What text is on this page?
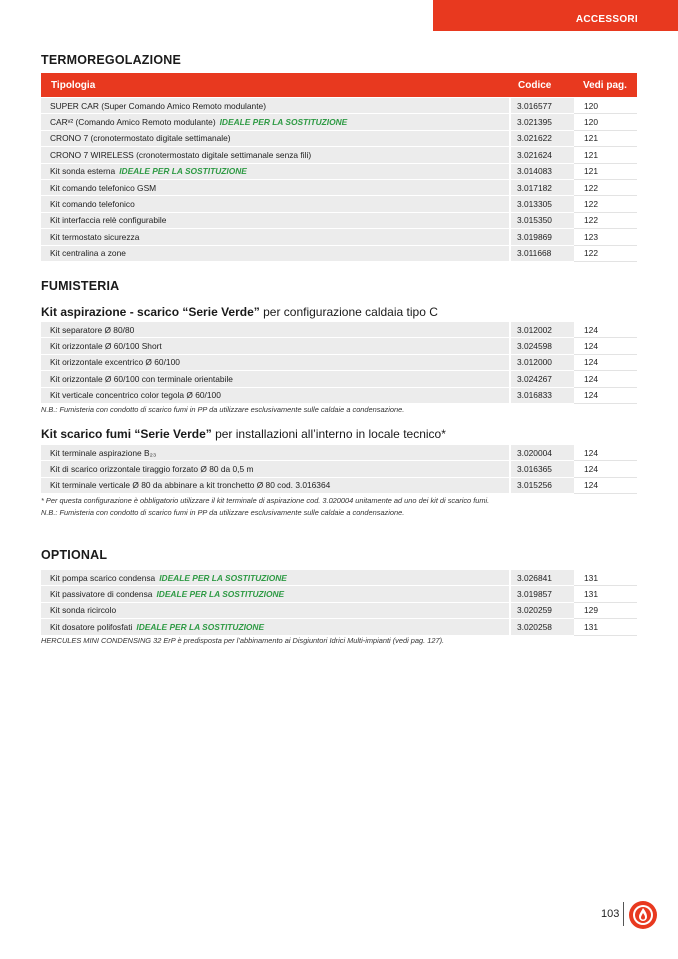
ACCESSORI
TERMOREGOLAZIONE
Tipologia	Codice	Vedi pag.
SUPER CAR (Super Comando Amico Remoto modulante)	3.016577	120
CARᵛ² (Comando Amico Remoto modulante) IDEALE PER LA SOSTITUZIONE	3.021395	120
CRONO 7 (cronotermostato digitale settimanale)	3.021622	121
CRONO 7 WIRELESS (cronotermostato digitale settimanale senza fili)	3.021624	121
Kit sonda esterna IDEALE PER LA SOSTITUZIONE	3.014083	121
Kit comando telefonico GSM	3.017182	122
Kit comando telefonico	3.013305	122
Kit interfaccia relè configurabile	3.015350	122
Kit termostato sicurezza	3.019869	123
Kit centralina a zone	3.011668	122
FUMISTERIA
Kit aspirazione - scarico “Serie Verde” per configurazione caldaia tipo C
Kit separatore Ø 80/80	3.012002	124
Kit orizzontale Ø 60/100 Short	3.024598	124
Kit orizzontale excentrico Ø 60/100	3.012000	124
Kit orizzontale Ø 60/100 con terminale orientabile	3.024267	124
Kit verticale concentrico color tegola Ø 60/100	3.016833	124
N.B.: Fumisteria con condotto di scarico fumi in PP da utilizzare esclusivamente sulle caldaie a condensazione.
Kit scarico fumi “Serie Verde” per installazioni all’interno in locale tecnico*
Kit terminale aspirazione B₂₃	3.020004	124
Kit di scarico orizzontale tiraggio forzato Ø 80 da 0,5 m	3.016365	124
Kit terminale verticale Ø 80 da abbinare a kit tronchetto Ø 80 cod. 3.016364	3.015256	124
* Per questa configurazione è obbligatorio utilizzare il kit terminale di aspirazione cod. 3.020004 unitamente ad uno dei kit di scarico fumi.
N.B.: Fumisteria con condotto di scarico fumi in PP da utilizzare esclusivamente sulle caldaie a condensazione.
OPTIONAL
Kit pompa scarico condensa IDEALE PER LA SOSTITUZIONE	3.026841	131
Kit passivatore di condensa IDEALE PER LA SOSTITUZIONE	3.019857	131
Kit sonda ricircolo	3.020259	129
Kit dosatore polifosfati IDEALE PER LA SOSTITUZIONE	3.020258	131
HERCULES MINI CONDENSING 32 ErP è predisposta per l’abbinamento ai Disgiuntori Idrici Multi-impianti (vedi pag. 127).
103
